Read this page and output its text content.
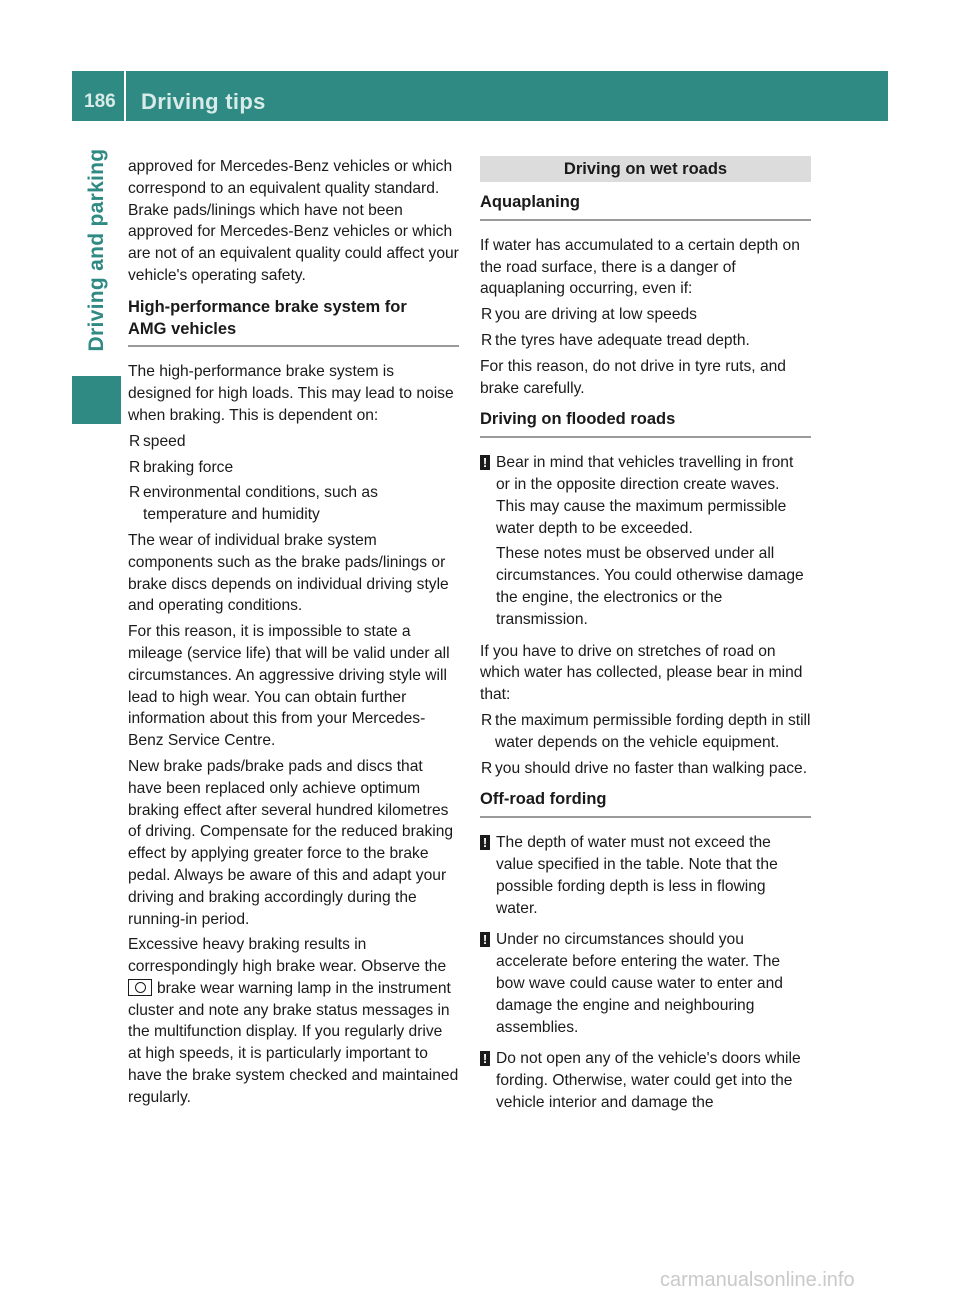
186 Driving tips
Driving and parking approved for Mercedes-Benz vehicles or which correspond to an equivalent quality standard. Brake pads/linings which have not been approved for Mercedes-Benz vehicles or which are not of an equivalent quality could affect your vehicle's operating safety.

High-performance brake system for
AMG vehicles

The high-performance brake system is designed for high loads. This may lead to noise when braking. This is dependent on:

R speed
R braking force
R environmental conditions, such as temperature and humidity

The wear of individual brake system components such as the brake pads/linings or brake discs depends on individual driving style and operating conditions.

For this reason, it is impossible to state a mileage (service life) that will be valid under all circumstances. An aggressive driving style will lead to high wear. You can obtain further information about this from your Mercedes-Benz Service Centre.

New brake pads/brake pads and discs that have been replaced only achieve optimum braking effect after several hundred kilometres of driving. Compensate for the reduced braking effect by applying greater force to the brake pedal. Always be aware of this and adapt your driving and braking accordingly during the running-in period.

Excessive heavy braking results in correspondingly high brake wear. Observe the brake wear warning lamp in the instrument cluster and note any brake status messages in the multifunction display. If you regularly drive at high speeds, it is particularly important to have the brake system checked and maintained regularly.

Driving on wet roads
Aquaplaning

If water has accumulated to a certain depth on the road surface, there is a danger of aquaplaning occurring, even if:

R you are driving at low speeds
R the tyres have adequate tread depth.

For this reason, do not drive in tyre ruts, and brake carefully.

Driving on flooded roads
! Bear in mind that vehicles travelling in front or in the opposite direction create waves. This may cause the maximum permissible water depth to be exceeded.

These notes must be observed under all circumstances. You could otherwise damage the engine, the electronics or the transmission.

If you have to drive on stretches of road on which water has collected, please bear in mind that:

R the maximum permissible fording depth in still water depends on the vehicle equipment.
R you should drive no faster than walking pace.
Off-road fording
! The depth of water must not exceed the value specified in the table. Note that the possible fording depth is less in flowing water.

! Under no circumstances should you accelerate before entering the water. The bow wave could cause water to enter and damage the engine and neighbouring assemblies.

! Do not open any of the vehicle's doors while fording. Otherwise, water could get into the vehicle interior and damage the

carmanualsonline.info
